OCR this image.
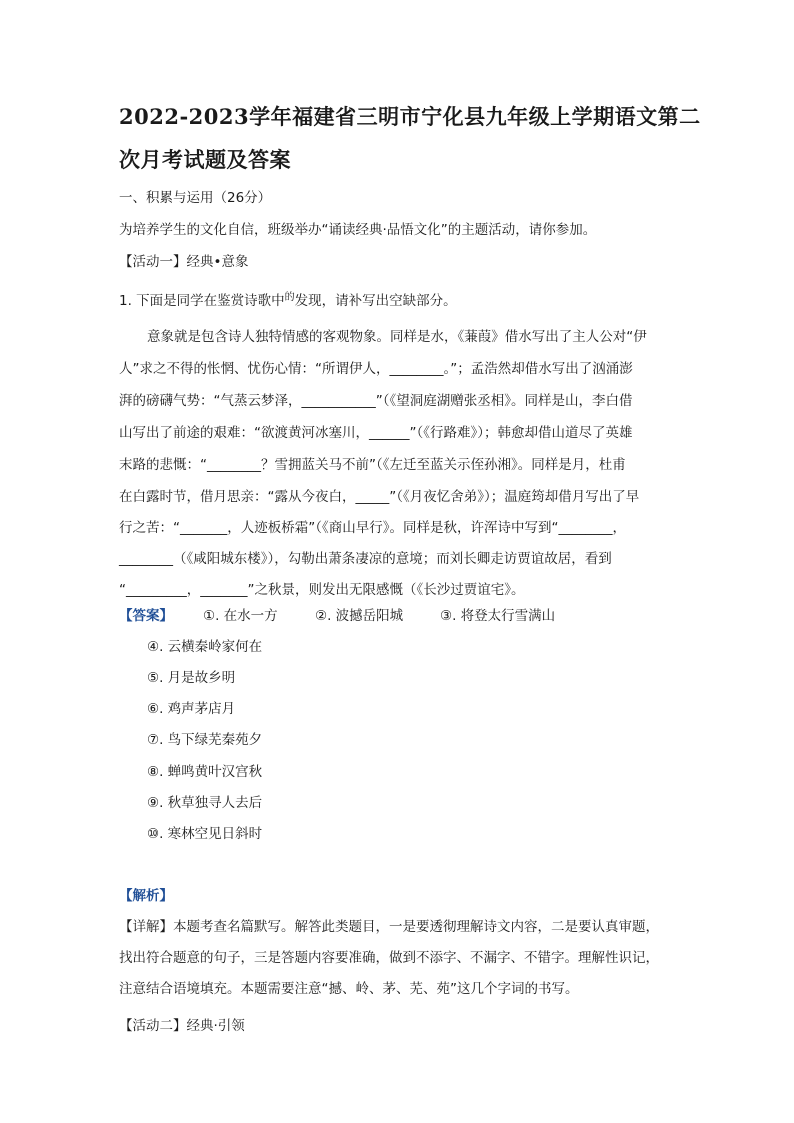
2022-2023学年福建省三明市宁化县九年级上学期语文第二
次月考试题及答案
一、积累与运用（26分）
为培养学生的文化自信，班级举办“诵读经典·品悟文化”的主题活动，请你参加。
【活动一】经典•意象
1. 下面是同学在鉴赏诗歌中$^的$发现，请补写出空缺部分。
意象就是包含诗人独特情感的客观物象。同样是水，《蒹葭》借水写出了主人公对“伊
人”求之不得的怅惘、忧伤心情：“所谓伊人，________。”；孟浩然却借水写出了汹涌澎
湃的磅礴气势：“气蒸云梦泽，___________”（《望洞庭湖赠张丞相》。同样是山，李白借
山写出了前途的艰难：“欲渡黄河冰塞川，______”（《行路难》）；韩愈却借山道尽了英雄
末路的悲慨：“________？雪拥蓝关马不前”（《左迁至蓝关示侄孙湘》。同样是月，杜甫
在白露时节，借月思亲：“露从今夜白，_____”（《月夜忆舍弟》）；温庭筠却借月写出了早
行之苦：“_______，人迹板桥霜”（《商山早行》。同样是秋，许浑诗中写到“________，
________（《咸阳城东楼》），勾勒出萧条凄凉的意境；而刘长卿走访贾谊故居，看到
“_________，_______”之秋景，则发出无限感慨（《长沙过贾谊宅》。
【答案】 ①. 在水一方	②. 波撼岳阳城	③. 将登太行雪满山
④. 云横秦岭家何在
⑤. 月是故乡明
⑥. 鸡声茅店月
⑦. 鸟下绿芜秦苑夕
⑧. 蝉鸣黄叶汉宫秋
⑨. 秋草独寻人去后
⑩. 寒林空见日斜时
【解析】
【详解】本题考查名篇默写。解答此类题目，一是要透彻理解诗文内容，二是要认真审题，
找出符合题意的句子，三是答题内容要准确，做到不添字、不漏字、不错字。理解性识记，
注意结合语境填充。本题需要注意“撼、岭、茅、芜、苑”这几个字词的书写。
【活动二】经典·引领
